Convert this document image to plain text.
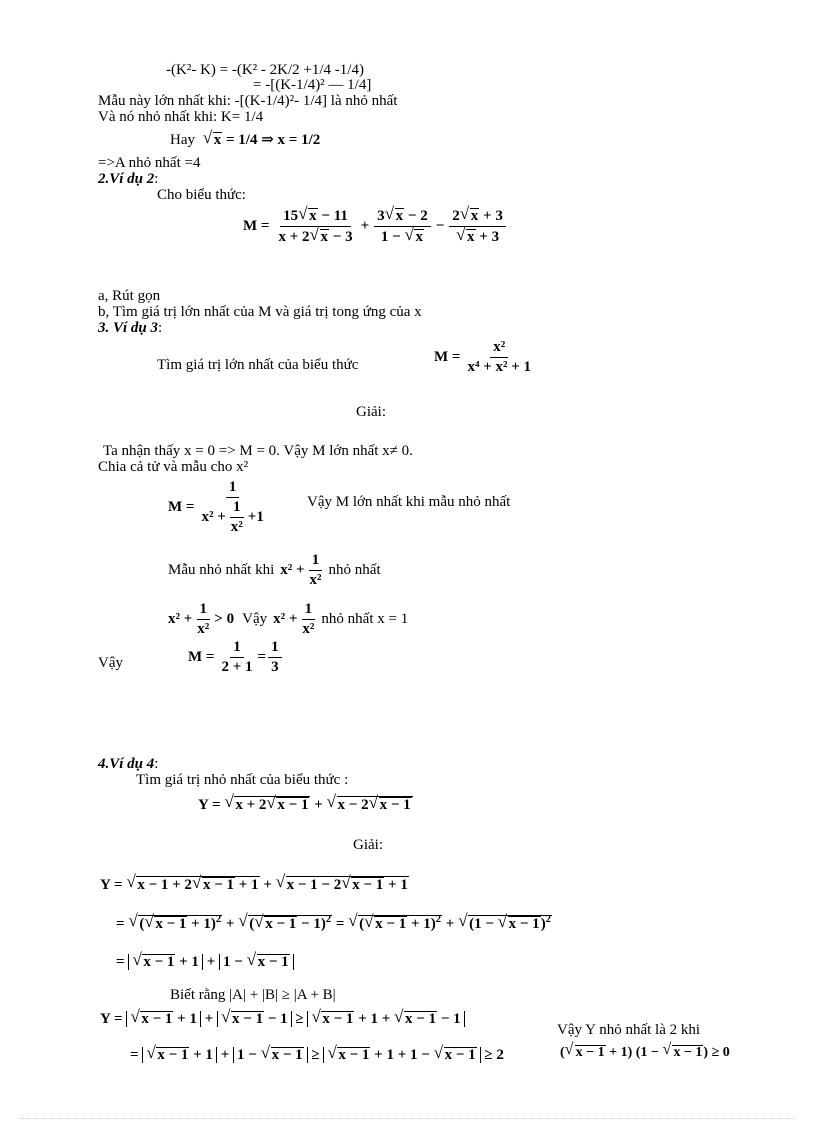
-(K²- K) = -(K² - 2K/2 +1/4 -1/4)
= -[(K-1/4)² — 1/4]
Mẫu này lớn nhất khi: -[(K-1/4)²- 1/4] là nhỏ nhất
Và nó nhỏ nhất khi: K= 1/4
Hay √ x = 1/4 ⇒ x = 1/2
=>A nhỏ nhất =4
2.Ví dụ 2:
Cho biểu thức:
$M = \frac{15√ x - 11}{x + 2√ x - 3} + \frac{3√ x - 2}{1 - √ x} - 2√$ x + 3
√ x + 3
a, Rút gọn
b, Tìm giá trị lớn nhất của M và giá trị tong ứng của x
3. Ví dụ 3:
Tìm giá trị lớn nhất của biểu thức	$M = \frac{\text{x²}}{\text{x⁴ + x² + 1}}$
Giải:
Ta nhận thấy x = 0 => M = 0. Vậy M lớn nhất x≠ 0.
Chia cả tử và mẫu cho x²
$M = \frac{1}{x^2 + \frac{1}{\text{x²}} +1}$	Vậy M lớn nhất khi mẫu nhỏ nhất
Mẫu nhỏ nhất khi $x^2 + \frac{1}{\text{x²}}$ nhỏ nhất
$x^2 + \frac{1}{\text{x²}} > 0$ Vậy $x^2 + \frac{1}{\text{x²}}$ nhỏ nhất x = 1
Vậy	$M = \frac{1}{2 + 1} = \frac{1}{3}$
4.Ví dụ 4:
Tìm giá trị nhỏ nhất của biểu thức :
Y = √ x + 2√ x − 1 + √ x − 2√ x − 1
Giải:
Y = √ x − 1 + 2√ x − 1 + 1 + √ x − 1 − 2√ x − 1 + 1
= √ (√ x − 1 + 1)$^2$ + √ (√ x − 1 − 1)$^2$ = √ (√ x − 1 + 1)$^2$ + √ (1 − √ x − 1)$^2$
= √ x − 1 + 1 + 1 − √ x − 1
Biết rằng |A| + |B| ≥ |A + B|
Y = √ x − 1 + 1 + √ x − 1 − 1 ≥ √ x − 1 + 1 + √ x − 1 − 1
= √ x − 1 + 1 + 1 − √ x − 1 ≥ √ x − 1 + 1 + 1 − √ x − 1 ≥ 2
Vậy Y nhỏ nhất là 2 khi
(√ x − 1 + 1) (1 − √ x − 1) ≥ 0
